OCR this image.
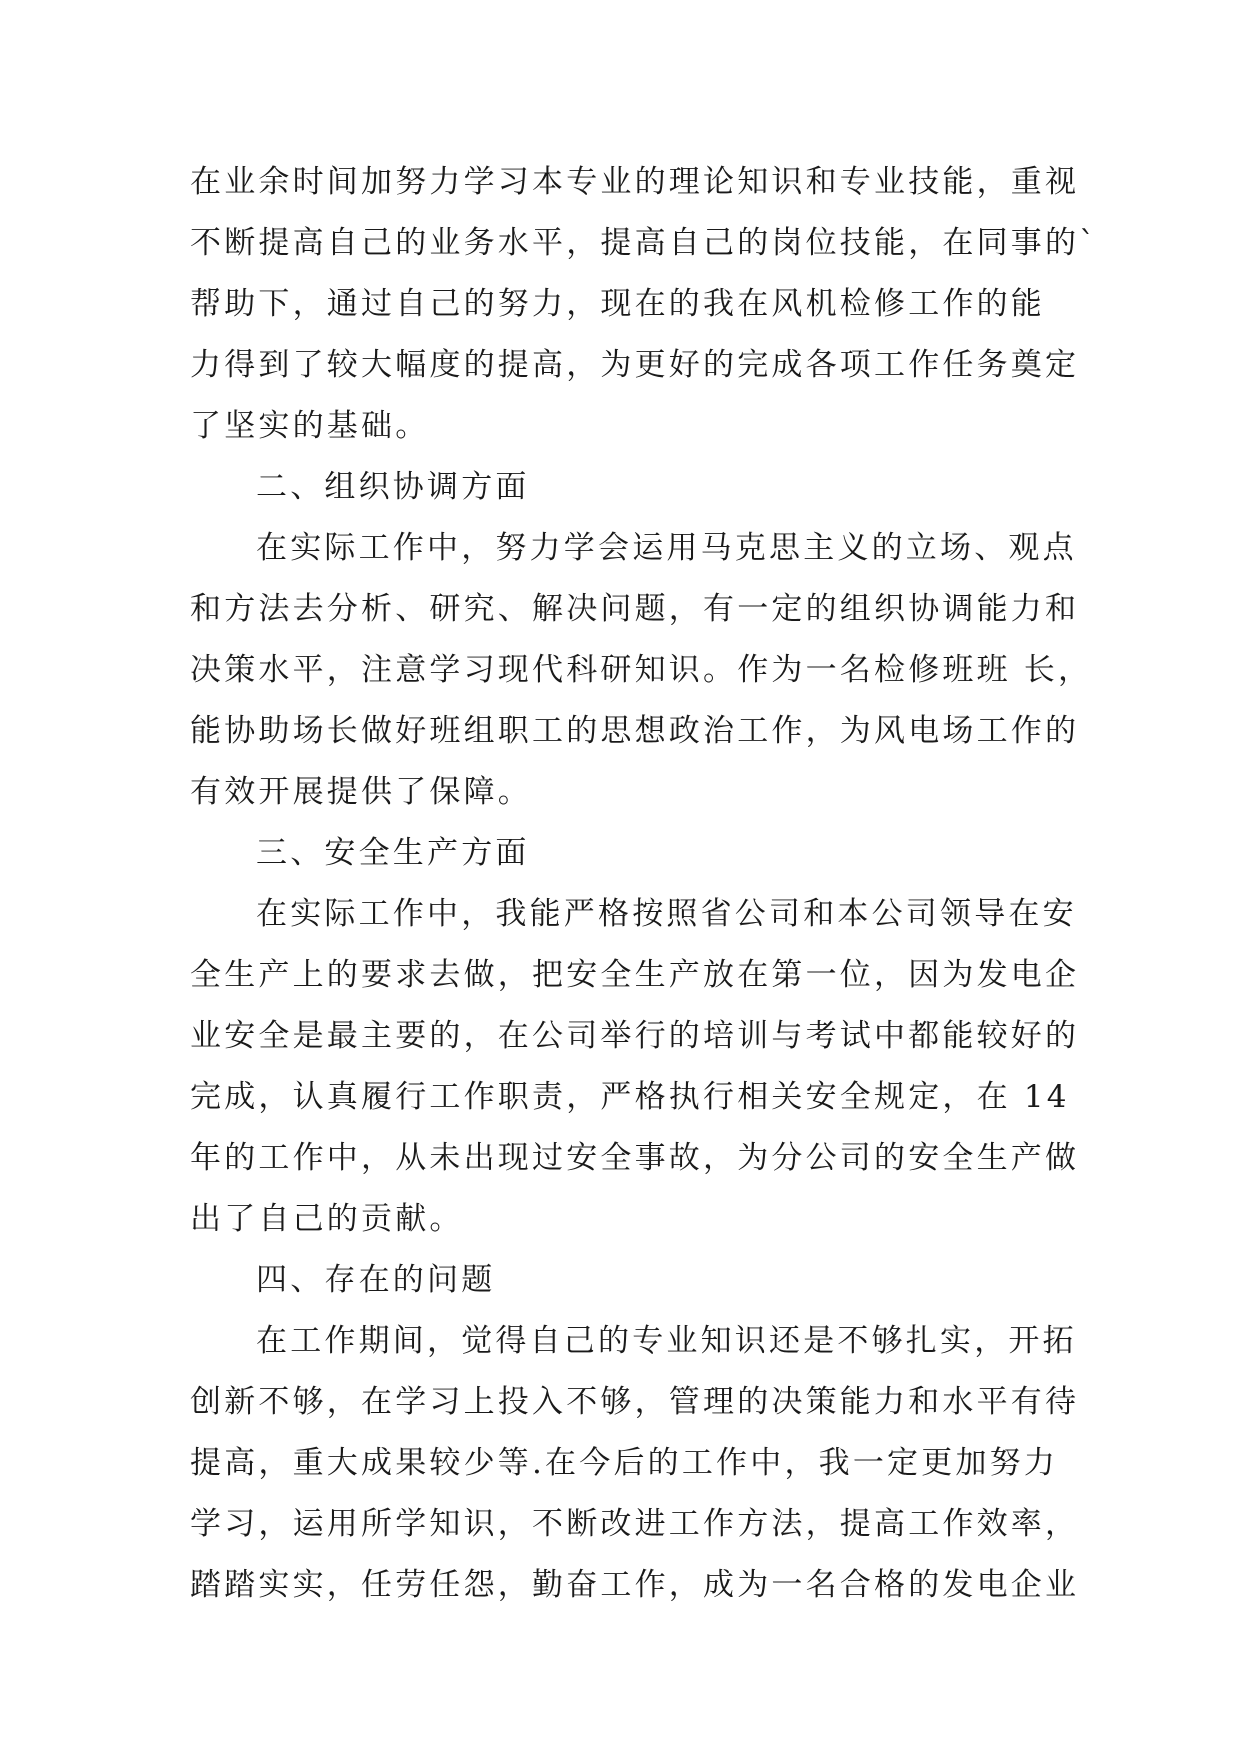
在业余时间加努力学习本专业的理论知识和专业技能，重视
不断提高自己的业务水平，提高自己的岗位技能，在同事的`
帮助下，通过自己的努力，现在的我在风机检修工作的能
力得到了较大幅度的提高，为更好的完成各项工作任务奠定
了坚实的基础。
二、组织协调方面
在实际工作中，努力学会运用马克思主义的立场、观点
和方法去分析、研究、解决问题，有一定的组织协调能力和
决策水平，注意学习现代科研知识。作为一名检修班班 长，
能协助场长做好班组职工的思想政治工作，为风电场工作的
有效开展提供了保障。
三、安全生产方面
在实际工作中，我能严格按照省公司和本公司领导在安
全生产上的要求去做，把安全生产放在第一位，因为发电企
业安全是最主要的，在公司举行的培训与考试中都能较好的
完成，认真履行工作职责，严格执行相关安全规定，在 14
年的工作中，从未出现过安全事故，为分公司的安全生产做
出了自己的贡献。
四、存在的问题
在工作期间，觉得自己的专业知识还是不够扎实，开拓
创新不够，在学习上投入不够，管理的决策能力和水平有待
提高，重大成果较少等.在今后的工作中，我一定更加努力
学习，运用所学知识，不断改进工作方法，提高工作效率，
踏踏实实，任劳任怨，勤奋工作，成为一名合格的发电企业
